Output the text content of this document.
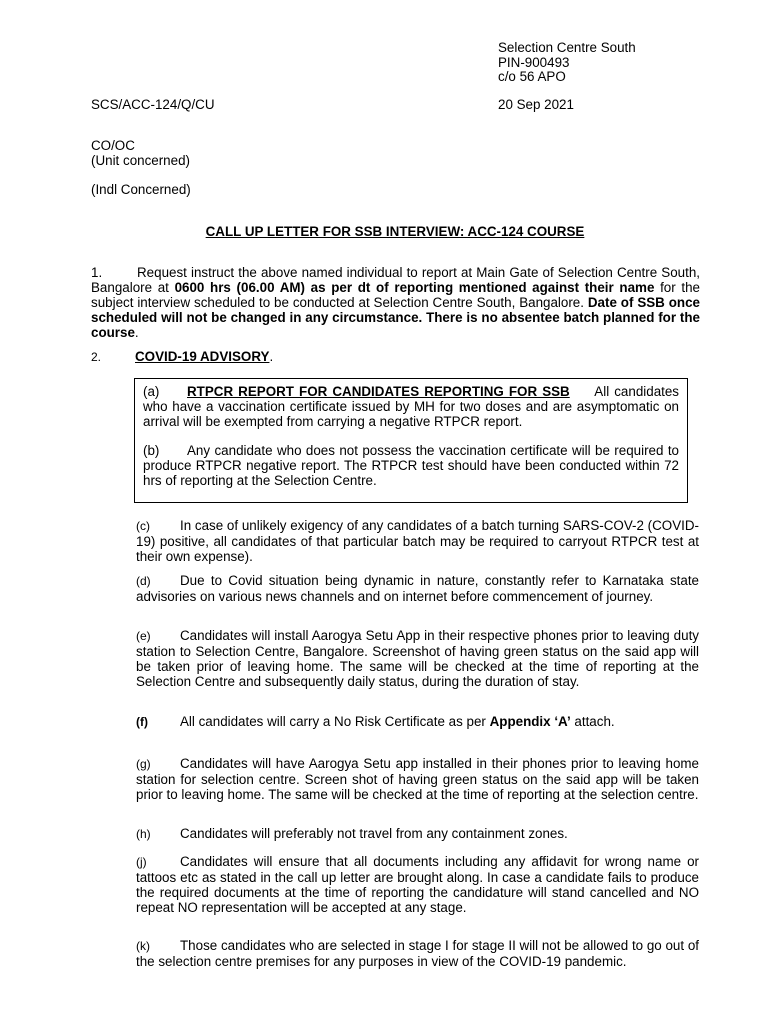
Selection Centre South
PIN-900493
c/o 56 APO
SCS/ACC-124/Q/CU	20 Sep 2021
CO/OC
(Unit concerned)
(Indl Concerned)
CALL UP LETTER FOR SSB INTERVIEW: ACC-124 COURSE
1.	Request instruct the above named individual to report at Main Gate of Selection Centre South, Bangalore at 0600 hrs (06.00 AM) as per dt of reporting mentioned against their name for the subject interview scheduled to be conducted at Selection Centre South, Bangalore. Date of SSB once scheduled will not be changed in any circumstance. There is no absentee batch planned for the course.
2.	COVID-19 ADVISORY.

(a) RTPCR REPORT FOR CANDIDATES REPORTING FOR SSB All candidates who have a vaccination certificate issued by MH for two doses and are asymptomatic on arrival will be exempted from carrying a negative RTPCR report.

(b) Any candidate who does not possess the vaccination certificate will be required to produce RTPCR negative report. The RTPCR test should have been conducted within 72 hrs of reporting at the Selection Centre.

(c) In case of unlikely exigency of any candidates of a batch turning SARS-COV-2 (COVID-19) positive, all candidates of that particular batch may be required to carryout RTPCR test at their own expense).
(d) Due to Covid situation being dynamic in nature, constantly refer to Karnataka state advisories on various news channels and on internet before commencement of journey.
(e) Candidates will install Aarogya Setu App in their respective phones prior to leaving duty station to Selection Centre, Bangalore. Screenshot of having green status on the said app will be taken prior of leaving home. The same will be checked at the time of reporting at the Selection Centre and subsequently daily status, during the duration of stay.
(f) All candidates will carry a No Risk Certificate as per Appendix ‘A’ attach.
(g) Candidates will have Aarogya Setu app installed in their phones prior to leaving home station for selection centre. Screen shot of having green status on the said app will be taken prior to leaving home. The same will be checked at the time of reporting at the selection centre.
(h) Candidates will preferably not travel from any containment zones.
(j) Candidates will ensure that all documents including any affidavit for wrong name or tattoos etc as stated in the call up letter are brought along. In case a candidate fails to produce the required documents at the time of reporting the candidature will stand cancelled and NO repeat NO representation will be accepted at any stage.
(k) Those candidates who are selected in stage I for stage II will not be allowed to go out of the selection centre premises for any purposes in view of the COVID-19 pandemic.
